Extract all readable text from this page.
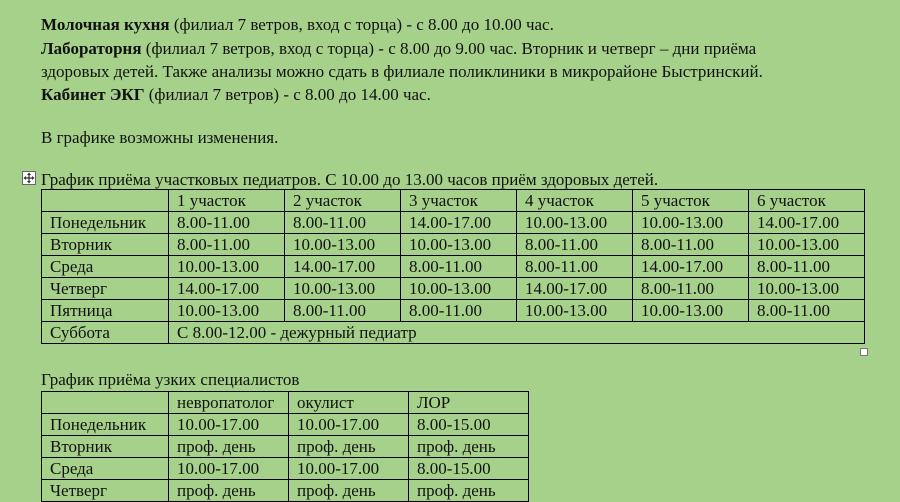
Молочная кухня (филиал 7 ветров, вход с торца) - с 8.00 до 10.00 час.
Лабораторня (филиал 7 ветров, вход с торца) - с 8.00 до 9.00 час. Вторник и четверг – дни приёма
здоровых детей. Также анализы можно сдать в филиале поликлиники в микрорайоне Быстринский.
Кабинет ЭКГ (филиал 7 ветров) - с 8.00 до 14.00 час.
В графике возможны изменения.
График приёма участковых педиатров. С 10.00 до 13.00 часов приём здоровых детей.
	1 участок	2 участок	3 участок	4 участок	5 участок	6 участок
Понедельник	8.00-11.00	8.00-11.00	14.00-17.00	10.00-13.00	10.00-13.00	14.00-17.00
Вторник	8.00-11.00	10.00-13.00	10.00-13.00	8.00-11.00	8.00-11.00	10.00-13.00
Среда	10.00-13.00	14.00-17.00	8.00-11.00	8.00-11.00	14.00-17.00	8.00-11.00
Четверг	14.00-17.00	10.00-13.00	10.00-13.00	14.00-17.00	8.00-11.00	10.00-13.00
Пятница	10.00-13.00	8.00-11.00	8.00-11.00	10.00-13.00	10.00-13.00	8.00-11.00
Суббота	С 8.00-12.00 - дежурный педиатр					
График приёма узких специалистов
	невропатолог	окулист	ЛОР
Понедельник	10.00-17.00	10.00-17.00	8.00-15.00
Вторник	проф. день	проф. день	проф. день
Среда	10.00-17.00	10.00-17.00	8.00-15.00
Четверг	проф. день	проф. день	проф. день
